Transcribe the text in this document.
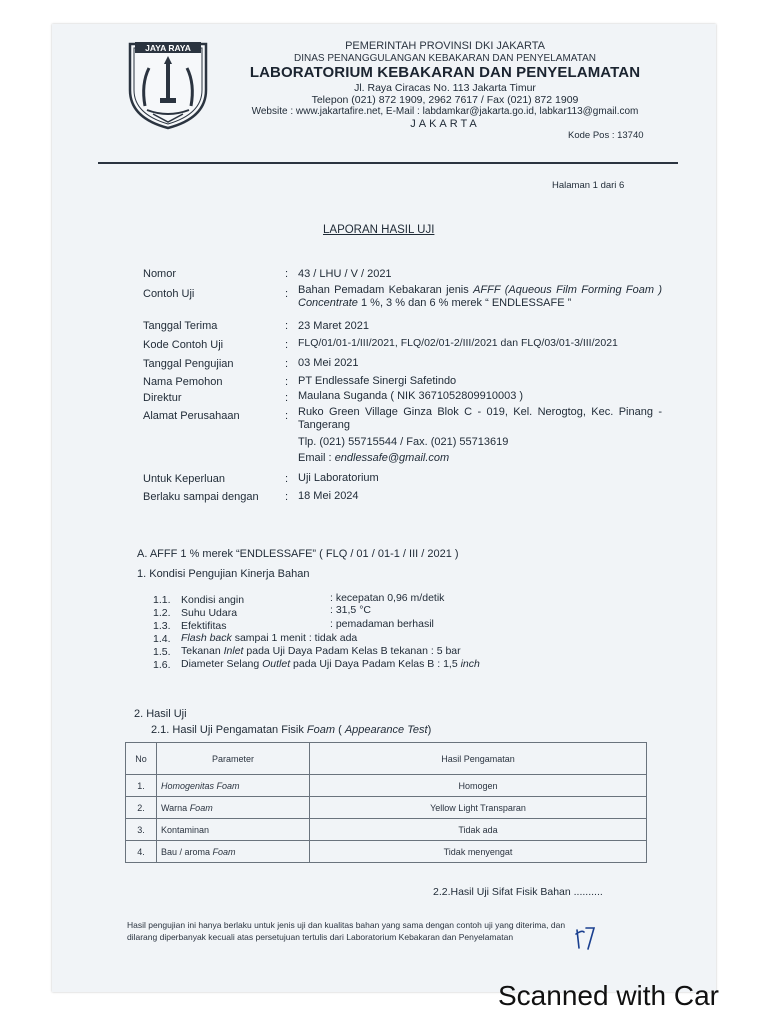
JAYA RAYA	PEMERINTAH PROVINSI DKI JAKARTA
DINAS PENANGGULANGAN KEBAKARAN DAN PENYELAMATAN
LABORATORIUM KEBAKARAN DAN PENYELAMATAN
Jl. Raya Ciracas No. 113 Jakarta Timur
Telepon (021) 872 1909, 2962 7617 / Fax (021) 872 1909
Website : www.jakartafire.net, E-Mail : labdamkar@jakarta.go.id, labkar113@gmail.com
JAKARTA
Kode Pos : 13740
Halaman 1 dari 6
LAPORAN HASIL UJI
Nomor	: 43 / LHU / V / 2021
Contoh Uji	: Bahan Pemadam Kebakaran jenis AFFF (Aqueous Film Forming Foam ) Concentrate 1 %, 3 % dan 6 % merek “ ENDLESSAFE ”
Tanggal Terima	: 23 Maret 2021
Kode Contoh Uji	: FLQ/01/01-1/III/2021, FLQ/02/01-2/III/2021 dan FLQ/03/01-3/III/2021
Tanggal Pengujian	: 03 Mei 2021
Nama Pemohon	: PT Endlessafe Sinergi Safetindo
Direktur	: Maulana Suganda ( NIK 3671052809910003 )
Alamat Perusahaan	: Ruko Green Village Ginza Blok C - 019, Kel. Nerogtog, Kec. Pinang -Tangerang
Tlp. (021) 55715544 / Fax. (021) 55713619
Email : endlessafe@gmail.com
Untuk Keperluan	: Uji Laboratorium
Berlaku sampai dengan : 18 Mei 2024
A. AFFF 1 % merek “ENDLESSAFE” ( FLQ / 01 / 01-1 / III / 2021 )
1. Kondisi Pengujian Kinerja Bahan
1.1. Kondisi angin	: kecepatan 0,96 m/detik
1.2. Suhu Udara	: 31,5 °C
1.3. Efektifitas	: pemadaman berhasil
1.4. Flash back sampai 1 menit : tidak ada
1.5. Tekanan Inlet pada Uji Daya Padam Kelas B tekanan : 5 bar
1.6. Diameter Selang Outlet pada Uji Daya Padam Kelas B : 1,5 inch
2. Hasil Uji
2.1. Hasil Uji Pengamatan Fisik Foam ( Appearance Test)
No	Parameter	Hasil Pengamatan
1.	Homogenitas Foam	Homogen
2.	Warna Foam	Yellow Light Transparan
3.	Kontaminan	Tidak ada
4.	Bau / aroma Foam	Tidak menyengat
2.2.Hasil Uji Sifat Fisik Bahan ..........
Hasil pengujian ini hanya berlaku untuk jenis uji dan kualitas bahan yang sama dengan contoh uji yang diterima, dan
dilarang diperbanyak kecuali atas persetujuan tertulis dari Laboratorium Kebakaran dan Penyelamatan
Scanned with Car
